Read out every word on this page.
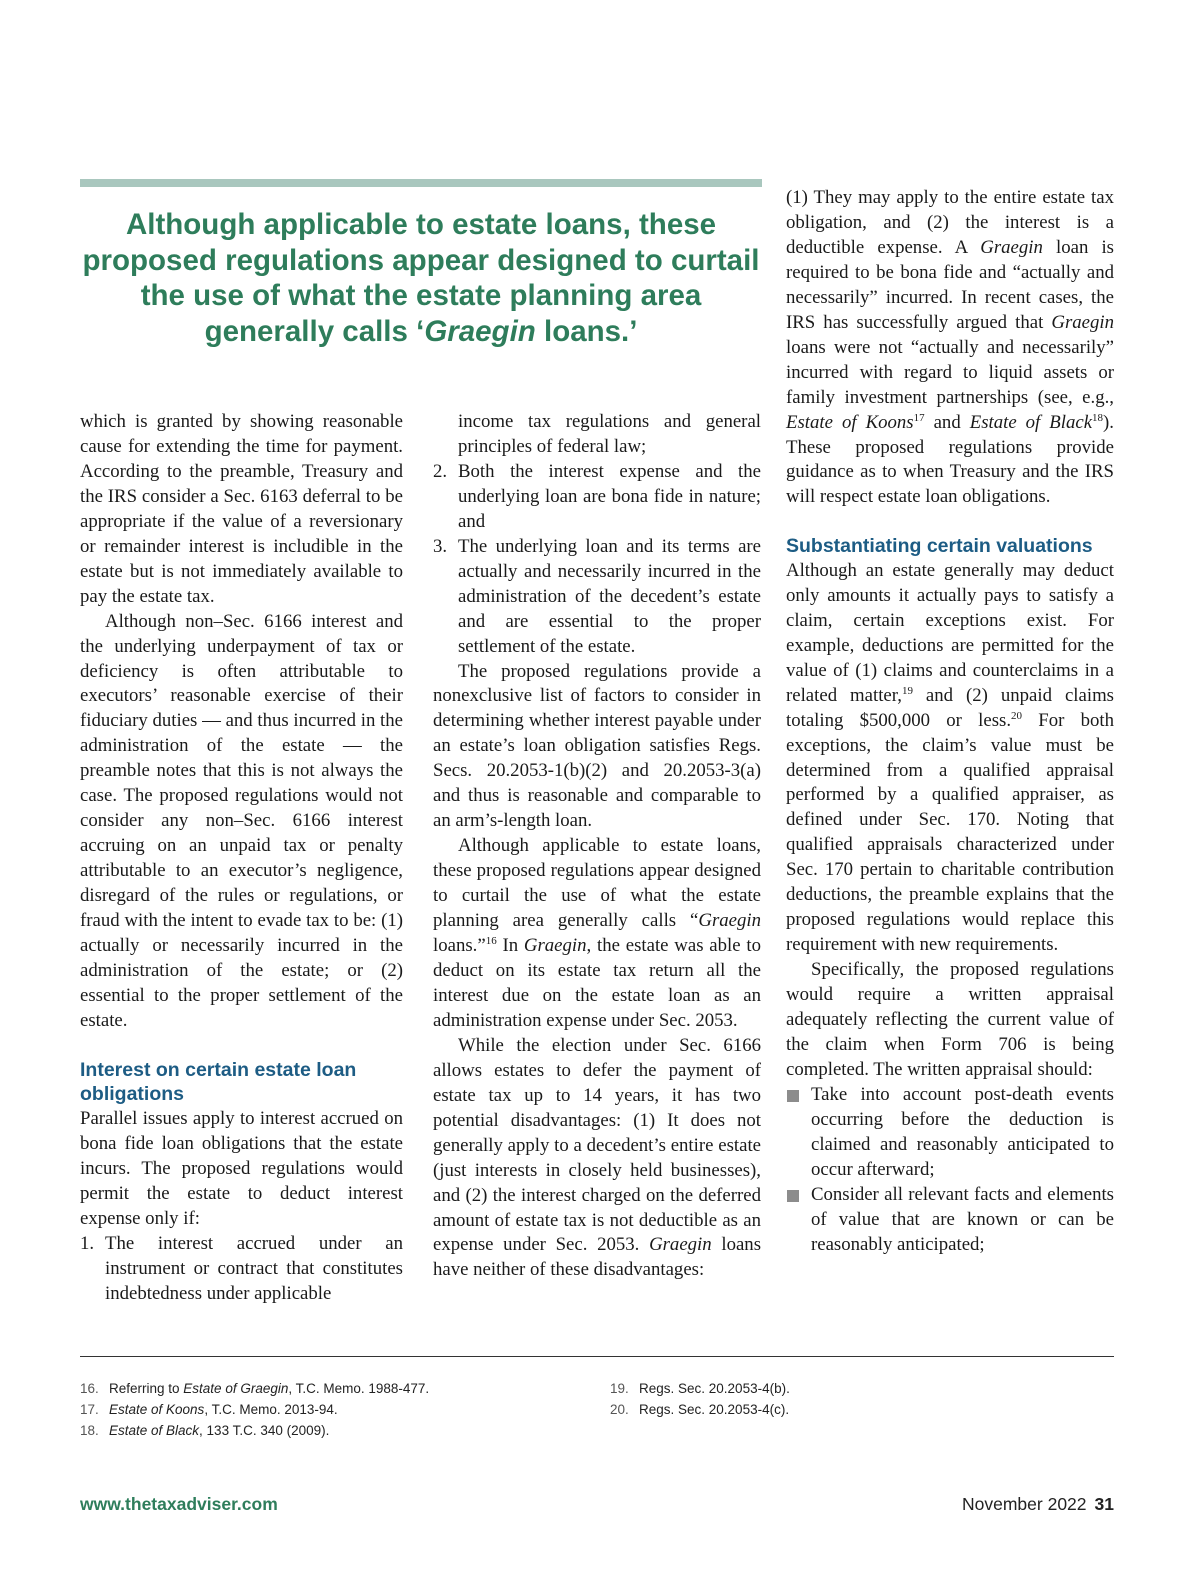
Although applicable to estate loans, these proposed regulations appear designed to curtail the use of what the estate planning area generally calls ‘Graegin loans.’

which is granted by showing reasonable cause for extending the time for payment. According to the preamble, Treasury and the IRS consider a Sec. 6163 deferral to be appropriate if the value of a reversionary or remainder interest is includible in the estate but is not immediately available to pay the estate tax.

Although non–Sec. 6166 interest and the underlying underpayment of tax or deficiency is often attributable to executors’ reasonable exercise of their fiduciary duties — and thus incurred in the administration of the estate — the preamble notes that this is not always the case. The proposed regulations would not consider any non–Sec. 6166 interest accruing on an unpaid tax or penalty attributable to an executor’s negligence, disregard of the rules or regulations, or fraud with the intent to evade tax to be: (1) actually or necessarily incurred in the administration of the estate; or (2) essential to the proper settlement of the estate.

Interest on certain estate loan obligations

Parallel issues apply to interest accrued on bona fide loan obligations that the estate incurs. The proposed regulations would permit the estate to deduct interest expense only if:

1. The interest accrued under an instrument or contract that constitutes indebtedness under applicable
income tax regulations and general principles of federal law;
2. Both the interest expense and the underlying loan are bona fide in nature; and
3. The underlying loan and its terms are actually and necessarily incurred in the administration of the decedent’s estate and are essential to the proper settlement of the estate.

The proposed regulations provide a nonexclusive list of factors to consider in determining whether interest payable under an estate’s loan obligation satisfies Regs. Secs. 20.2053-1(b)(2) and 20.2053-3(a) and thus is reasonable and comparable to an arm’s-length loan.

Although applicable to estate loans, these proposed regulations appear designed to curtail the use of what the estate planning area generally calls “Graegin loans.”$^{16}$ In Graegin, the estate was able to deduct on its estate tax return all the interest due on the estate loan as an administration expense under Sec. 2053.

While the election under Sec. 6166 allows estates to defer the payment of estate tax up to 14 years, it has two potential disadvantages: (1) It does not generally apply to a decedent’s entire estate (just interests in closely held businesses), and (2) the interest charged on the deferred amount of estate tax is not deductible as an expense under Sec. 2053. Graegin loans have neither of these disadvantages:

(1) They may apply to the entire estate tax obligation, and (2) the interest is a deductible expense. A Graegin loan is required to be bona fide and “actually and necessarily” incurred. In recent cases, the IRS has successfully argued that Graegin loans were not “actually and necessarily” incurred with regard to liquid assets or family investment partnerships (see, e.g., Estate of Koons$^{17}$ and Estate of Black$^{18}$). These proposed regulations provide guidance as to when Treasury and the IRS will respect estate loan obligations.

Substantiating certain valuations

Although an estate generally may deduct only amounts it actually pays to satisfy a claim, certain exceptions exist. For example, deductions are permitted for the value of (1) claims and counterclaims in a related matter,$^{19}$ and (2) unpaid claims totaling $500,000 or less.$^{20}$ For both exceptions, the claim’s value must be determined from a qualified appraisal performed by a qualified appraiser, as defined under Sec. 170. Noting that qualified appraisals characterized under Sec. 170 pertain to charitable contribution deductions, the preamble explains that the proposed regulations would replace this requirement with new requirements.

Specifically, the proposed regulations would require a written appraisal adequately reflecting the current value of the claim when Form 706 is being completed. The written appraisal should:

Take into account post-death events occurring before the deduction is claimed and reasonably anticipated to occur afterward;
Consider all relevant facts and elements of value that are known or can be reasonably anticipated;
16. Referring to Estate of Graegin, T.C. Memo. 1988-477.
17. Estate of Koons, T.C. Memo. 2013-94.
18. Estate of Black, 133 T.C. 340 (2009).
19. Regs. Sec. 20.2053-4(b).
20. Regs. Sec. 20.2053-4(c).
www.thetaxadviser.com	November 2022 31
